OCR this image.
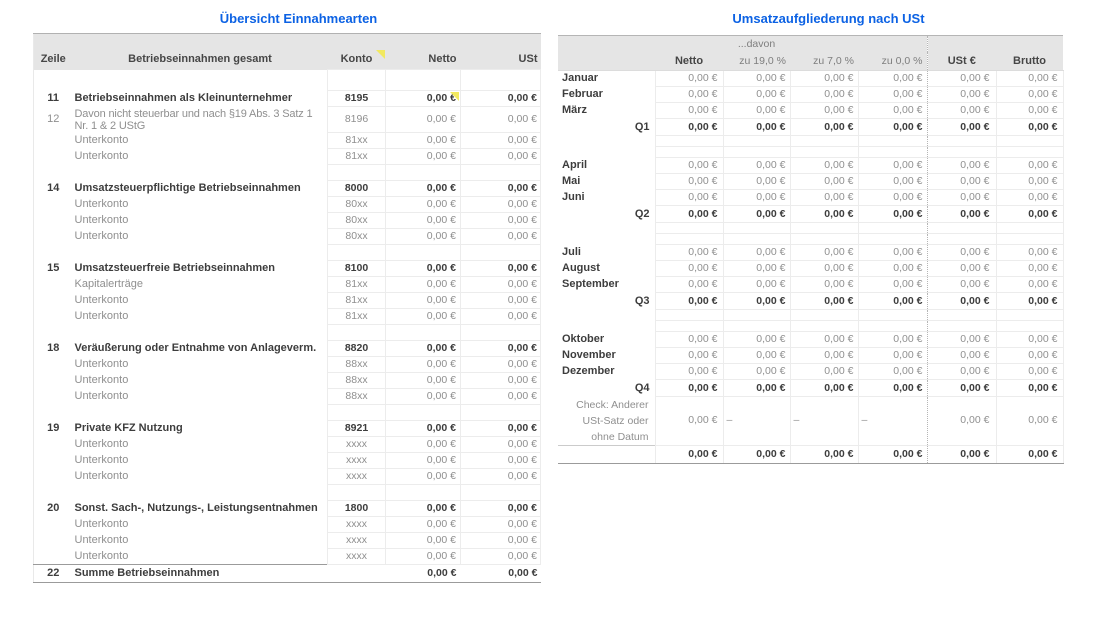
Übersicht Einnahmearten

Zeile	Betriebseinnahmen gesamt	Konto	Netto	USt

11	Betriebseinnahmen als Kleinunternehmer	8195	0,00 €	0,00 €
12	Davon nicht steuerbar und nach §19 Abs. 3 Satz 1
Nr. 1 & 2 UStG	8196	0,00 €	0,00 €
	Unterkonto	81xx	0,00 €	0,00 €
	Unterkonto	81xx	0,00 €	0,00 €

14	Umsatzsteuerpflichtige Betriebseinnahmen	8000	0,00 €	0,00 €
	Unterkonto	80xx	0,00 €	0,00 €
	Unterkonto	80xx	0,00 €	0,00 €
	Unterkonto	80xx	0,00 €	0,00 €

15	Umsatzsteuerfreie Betriebseinnahmen	8100	0,00 €	0,00 €
	Kapitalerträge	81xx	0,00 €	0,00 €
	Unterkonto	81xx	0,00 €	0,00 €
	Unterkonto	81xx	0,00 €	0,00 €

18	Veräußerung oder Entnahme von Anlageverm.	8820	0,00 €	0,00 €
	Unterkonto	88xx	0,00 €	0,00 €
	Unterkonto	88xx	0,00 €	0,00 €
	Unterkonto	88xx	0,00 €	0,00 €

19	Private KFZ Nutzung	8921	0,00 €	0,00 €
	Unterkonto	xxxx	0,00 €	0,00 €
	Unterkonto	xxxx	0,00 €	0,00 €
	Unterkonto	xxxx	0,00 €	0,00 €

20	Sonst. Sach-, Nutzungs-, Leistungsentnahmen	1800	0,00 €	0,00 €
	Unterkonto	xxxx	0,00 €	0,00 €
	Unterkonto	xxxx	0,00 €	0,00 €
	Unterkonto	xxxx	0,00 €	0,00 €
22	Summe Betriebseinnahmen		0,00 €	0,00 €
Umsatzaufgliederung nach USt
		...davon				
	Netto	zu 19,0 %	zu 7,0 %	zu 0,0 %	USt €	Brutto
Januar	0,00 €	0,00 €	0,00 €	0,00 €	0,00 €	0,00 €
Februar	0,00 €	0,00 €	0,00 €	0,00 €	0,00 €	0,00 €
März	0,00 €	0,00 €	0,00 €	0,00 €	0,00 €	0,00 €
Q1	0,00 €	0,00 €	0,00 €	0,00 €	0,00 €	0,00 €

April	0,00 €	0,00 €	0,00 €	0,00 €	0,00 €	0,00 €
Mai	0,00 €	0,00 €	0,00 €	0,00 €	0,00 €	0,00 €
Juni	0,00 €	0,00 €	0,00 €	0,00 €	0,00 €	0,00 €
Q2	0,00 €	0,00 €	0,00 €	0,00 €	0,00 €	0,00 €

Juli	0,00 €	0,00 €	0,00 €	0,00 €	0,00 €	0,00 €
August	0,00 €	0,00 €	0,00 €	0,00 €	0,00 €	0,00 €
September	0,00 €	0,00 €	0,00 €	0,00 €	0,00 €	0,00 €
Q3	0,00 €	0,00 €	0,00 €	0,00 €	0,00 €	0,00 €

Oktober	0,00 €	0,00 €	0,00 €	0,00 €	0,00 €	0,00 €
November	0,00 €	0,00 €	0,00 €	0,00 €	0,00 €	0,00 €
Dezember	0,00 €	0,00 €	0,00 €	0,00 €	0,00 €	0,00 €
Q4	0,00 €	0,00 €	0,00 €	0,00 €	0,00 €	0,00 €

Check: Anderer
USt-Satz oder
ohne Datum	0,00 €	–	–	–	0,00 €	0,00 €
	0,00 €	0,00 €	0,00 €	0,00 €	0,00 €	0,00 €
